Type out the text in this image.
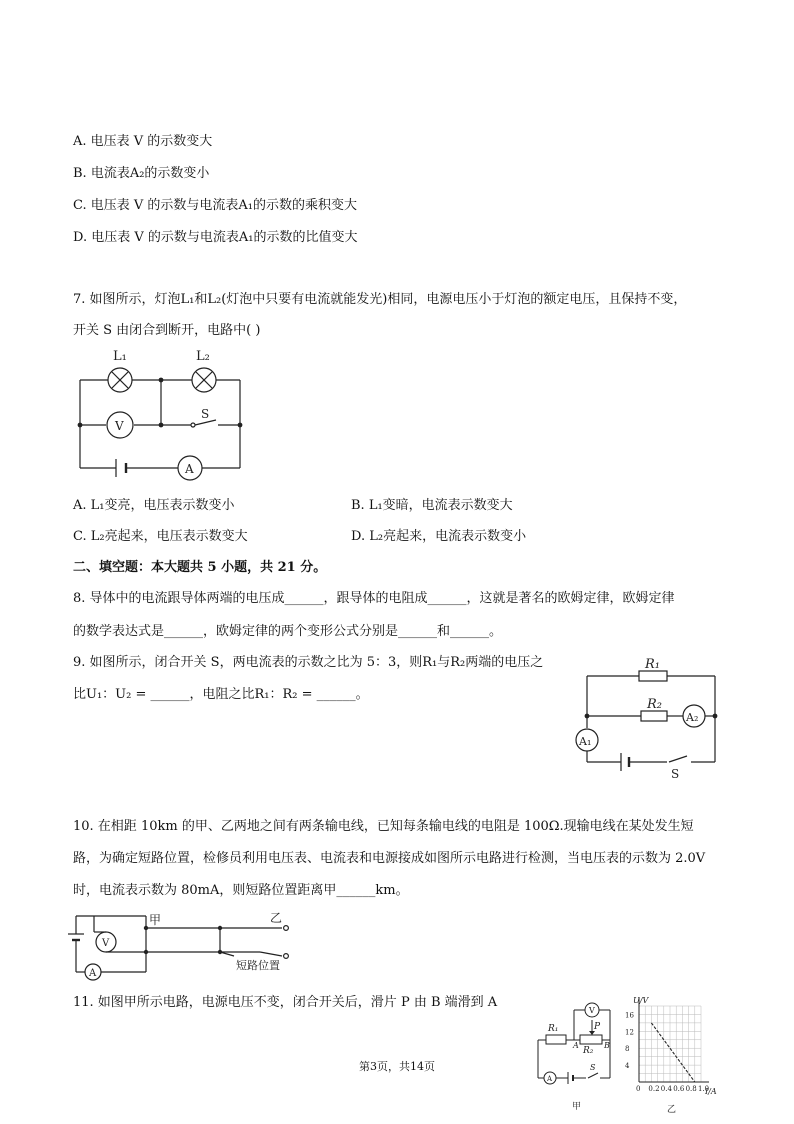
A. 电压表 V 的示数变大
B. 电流表A₂的示数变小
C. 电压表 V 的示数与电流表A₁的示数的乘积变大
D. 电压表 V 的示数与电流表A₁的示数的比值变大
7. 如图所示，灯泡L₁和L₂(灯泡中只要有电流就能发光)相同，电源电压小于灯泡的额定电压，且保持不变，
开关 S 由闭合到断开，电路中( )
L₁	L₂
V
S
A
A. L₁变亮，电压表示数变小	B. L₁变暗，电流表示数变大
C. L₂亮起来，电压表示数变大	D. L₂亮起来，电流表示数变小
二、填空题：本大题共 5 小题，共 21 分。
8. 导体中的电流跟导体两端的电压成______，跟导体的电阻成______，这就是著名的欧姆定律，欧姆定律
的数学表达式是______，欧姆定律的两个变形公式分别是______和______。
9. 如图所示，闭合开关 S，两电流表的示数之比为 5：3，则R₁与R₂两端的电压之
比U₁：U₂ = ______，电阻之比R₁：R₂ = ______。
R₁
R₂
A₂
A₁
S
10. 在相距 10km 的甲、乙两地之间有两条输电线，已知每条输电线的电阻是 100Ω.现输电线在某处发生短
路，为确定短路位置，检修员利用电压表、电流表和电源接成如图所示电路进行检测，当电压表的示数为 2.0V
时，电流表示数为 80mA，则短路位置距离甲______km。
甲	乙
短路位置
V
A
11. 如图甲所示电路，电源电压不变，闭合开关后，滑片 P 由 B 端滑到 A
V
R₁	P
R₂
A	B
A
S
甲
0 0.2 0.4 0.6 0.8 1.0
4
8
12
16
U/V
I/A
乙
第3页，共14页
